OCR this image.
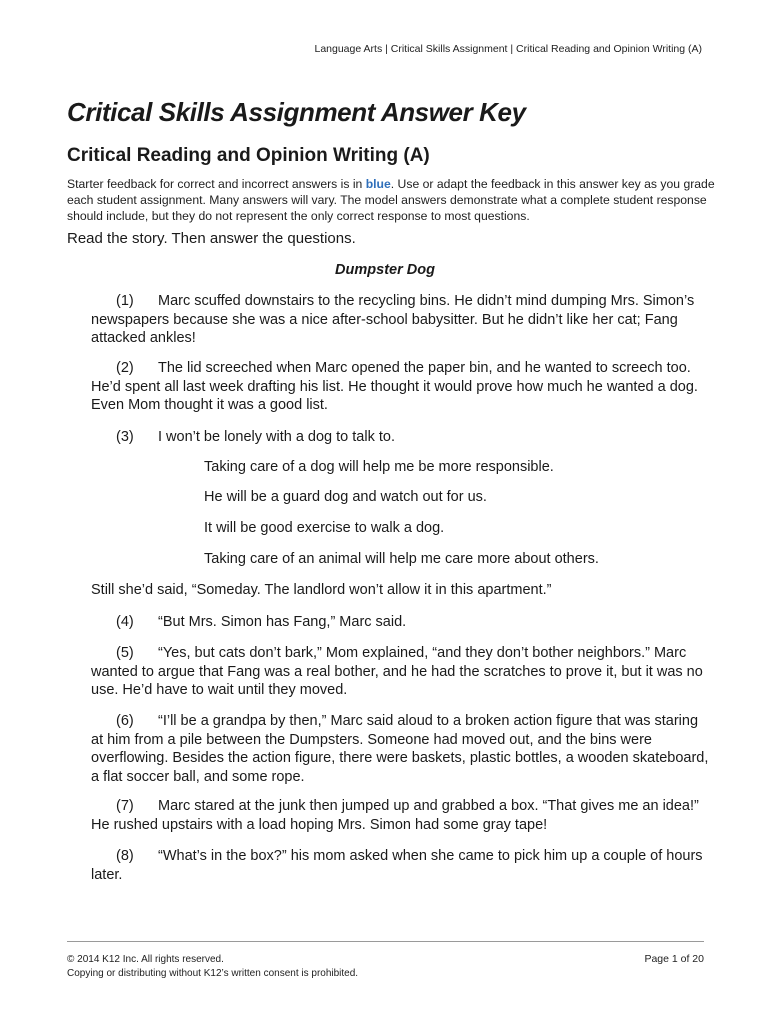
Language Arts | Critical Skills Assignment | Critical Reading and Opinion Writing (A)
Critical Skills Assignment Answer Key
Critical Reading and Opinion Writing (A)
Starter feedback for correct and incorrect answers is in blue. Use or adapt the feedback in this answer key as you grade each student assignment. Many answers will vary. The model answers demonstrate what a complete student response should include, but they do not represent the only correct response to most questions.
Read the story. Then answer the questions.
Dumpster Dog
(1) Marc scuffed downstairs to the recycling bins. He didn’t mind dumping Mrs. Simon’s newspapers because she was a nice after-school babysitter. But he didn’t like her cat; Fang attacked ankles!
(2) The lid screeched when Marc opened the paper bin, and he wanted to screech too. He’d spent all last week drafting his list. He thought it would prove how much he wanted a dog. Even Mom thought it was a good list.
(3) I won’t be lonely with a dog to talk to.
Taking care of a dog will help me be more responsible.
He will be a guard dog and watch out for us.
It will be good exercise to walk a dog.
Taking care of an animal will help me care more about others.
Still she’d said, “Someday. The landlord won’t allow it in this apartment.”
(4) “But Mrs. Simon has Fang,” Marc said.
(5) “Yes, but cats don’t bark,” Mom explained, “and they don’t bother neighbors.” Marc wanted to argue that Fang was a real bother, and he had the scratches to prove it, but it was no use. He’d have to wait until they moved.
(6) “I’ll be a grandpa by then,” Marc said aloud to a broken action figure that was staring at him from a pile between the Dumpsters. Someone had moved out, and the bins were overflowing. Besides the action figure, there were baskets, plastic bottles, a wooden skateboard, a flat soccer ball, and some rope.
(7) Marc stared at the junk then jumped up and grabbed a box. “That gives me an idea!” He rushed upstairs with a load hoping Mrs. Simon had some gray tape!
(8) “What’s in the box?” his mom asked when she came to pick him up a couple of hours later.
© 2014 K12 Inc. All rights reserved.
Copying or distributing without K12’s written consent is prohibited.
Page 1 of 20
